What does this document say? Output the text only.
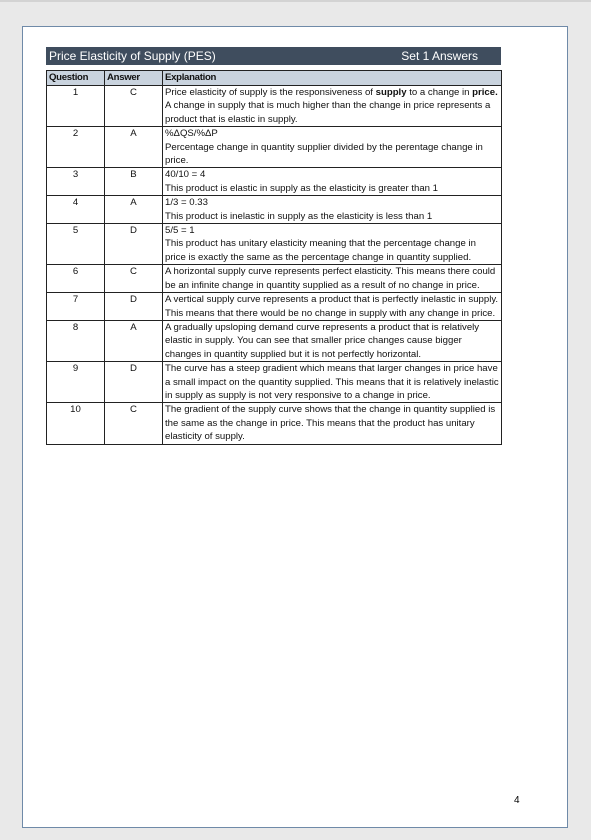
Price Elasticity of Supply (PES)	Set 1 Answers
Question	Answer	Explanation
1	C	Price elasticity of supply is the responsiveness of supply to a change in price. A change in supply that is much higher than the change in price represents a product that is elastic in supply.
2	A	%ΔQS/%ΔP
Percentage change in quantity supplier divided by the perentage change in price.

3	B	40/10 = 4
This product is elastic in supply as the elasticity is greater than 1

4	A	1/3 = 0.33
This product is inelastic in supply as the elasticity is less than 1

5	D	5/5 = 1
This product has unitary elasticity meaning that the percentage change in price is exactly the same as the percentage change in quantity supplied.

6	C	A horizontal supply curve represents perfect elasticity. This means there could be an infinite change in quantity supplied as a result of no change in price.
7	D	A vertical supply curve represents a product that is perfectly inelastic in supply. This means that there would be no change in supply with any change in price.
8	A	A gradually upsloping demand curve represents a product that is relatively elastic in supply. You can see that smaller price changes cause bigger changes in quantity supplied but it is not perfectly horizontal.
9	D	The curve has a steep gradient which means that larger changes in price have a small impact on the quantity supplied. This means that it is relatively inelastic in supply as supply is not very responsive to a change in price.
10	C	The gradient of the supply curve shows that the change in quantity supplied is the same as the change in price. This means that the product has unitary elasticity of supply.
4
